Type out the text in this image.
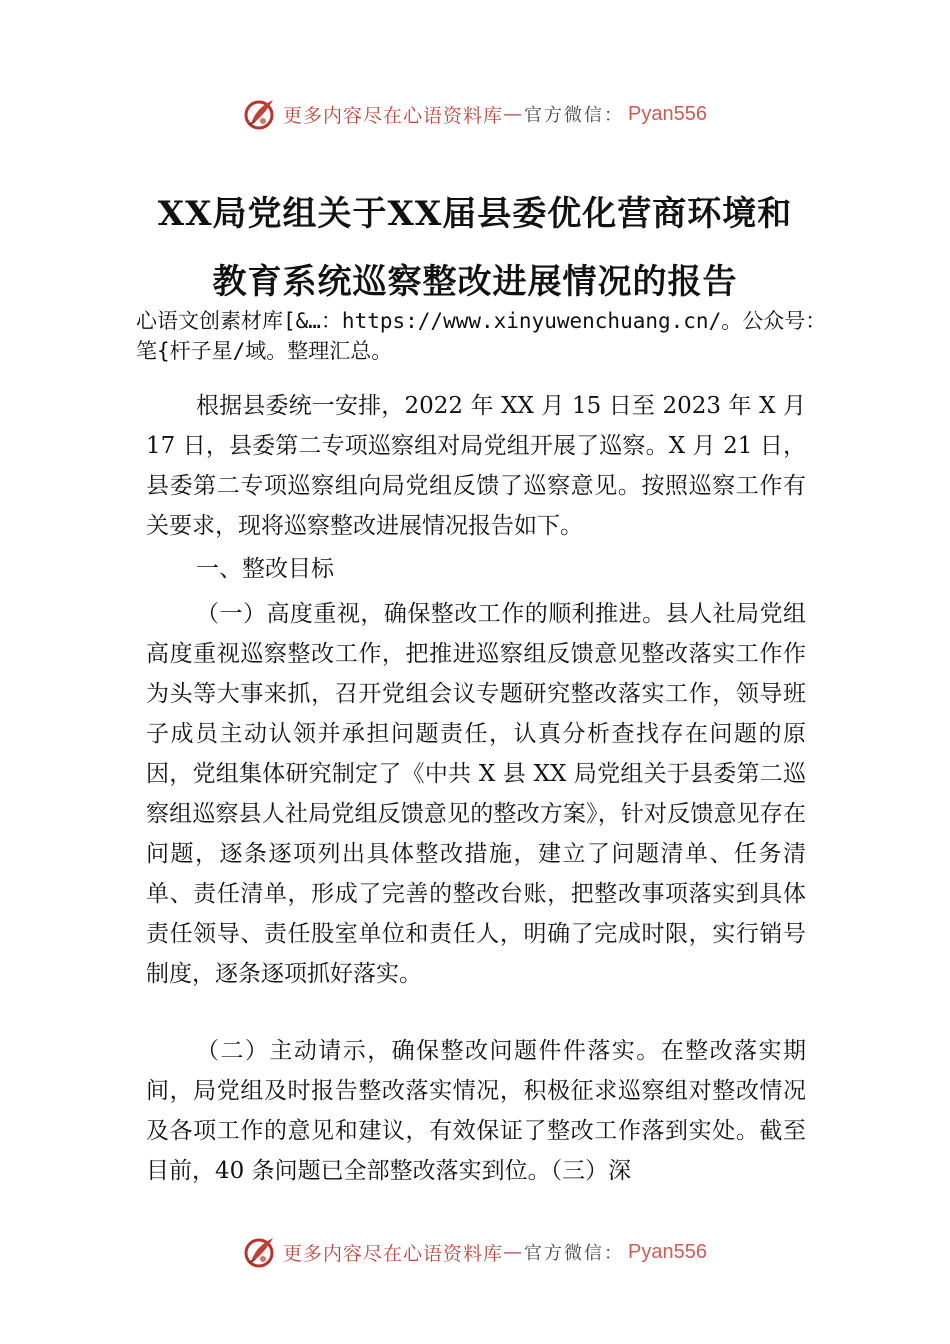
更多内容尽在心语资料库 — 官方微信： Pyan556
XX局党组关于XX届县委优化营商环境和
教育系统巡察整改进展情况的报告
心语文创素材库[&…：https://www.xinyuwenchuang.cn/。公众号：笔{杆子星/域。整理汇总。
根据县委统一安排，2022 年 XX 月 15 日至 2023 年 X 月 17 日，县委第二专项巡察组对局党组开展了巡察。X 月 21 日，县委第二专项巡察组向局党组反馈了巡察意见。按照巡察工作有关要求，现将巡察整改进展情况报告如下。
一、整改目标
（一）高度重视，确保整改工作的顺利推进。县人社局党组高度重视巡察整改工作，把推进巡察组反馈意见整改落实工作作为头等大事来抓，召开党组会议专题研究整改落实工作，领导班子成员主动认领并承担问题责任，认真分析查找存在问题的原因，党组集体研究制定了《中共 X 县 XX 局党组关于县委第二巡察组巡察县人社局党组反馈意见的整改方案》，针对反馈意见存在问题，逐条逐项列出具体整改措施，建立了问题清单、任务清单、责任清单，形成了完善的整改台账，把整改事项落实到具体责任领导、责任股室单位和责任人，明确了完成时限，实行销号制度，逐条逐项抓好落实。
（二）主动请示，确保整改问题件件落实。在整改落实期间，局党组及时报告整改落实情况，积极征求巡察组对整改情况及各项工作的意见和建议，有效保证了整改工作落到实处。截至目前，40 条问题已全部整改落实到位。（三）深
更多内容尽在心语资料库 — 官方微信： Pyan556
